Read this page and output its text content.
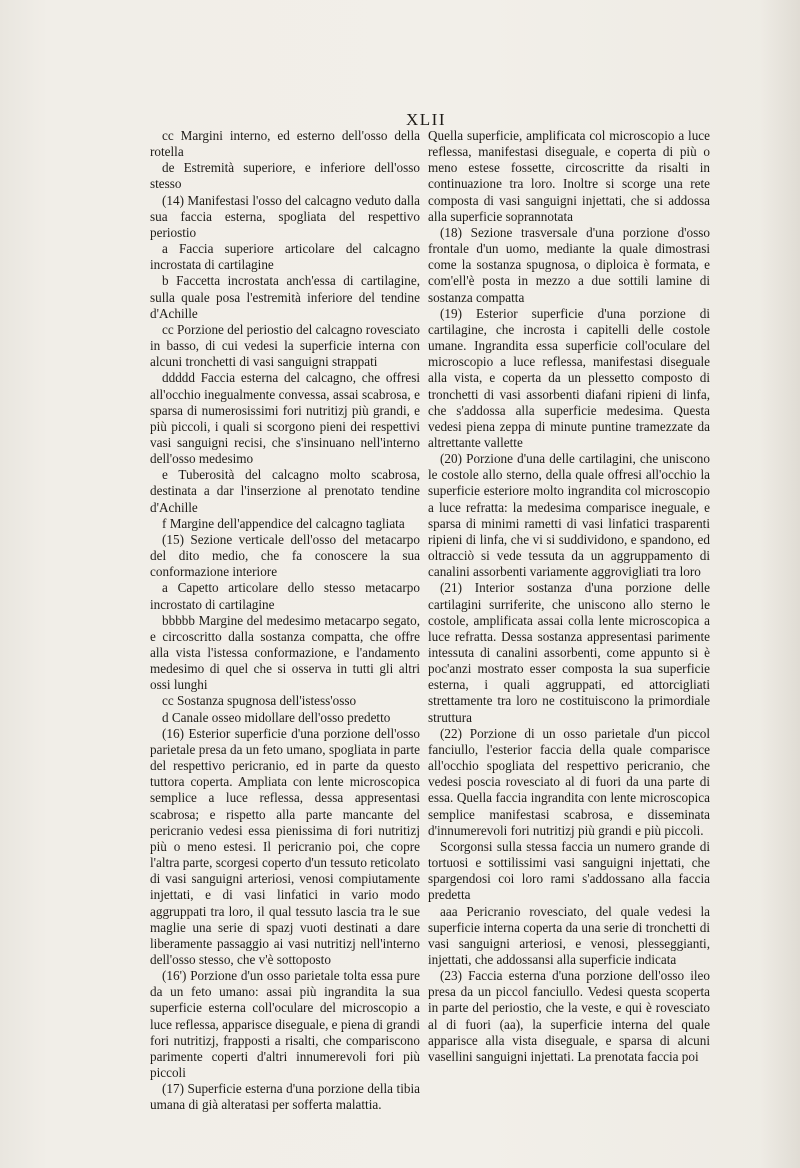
XLII

cc Margini interno, ed esterno dell'osso della rotella

de Estremità superiore, e inferiore dell'osso stesso

(14) Manifestasi l'osso del calcagno veduto dalla sua faccia esterna, spogliata del respettivo periostio

a Faccia superiore articolare del calcagno incrostata di cartilagine

b Faccetta incrostata anch'essa di cartilagine, sulla quale posa l'estremità inferiore del tendine d'Achille

cc Porzione del periostio del calcagno rovesciato in basso, di cui vedesi la superficie interna con alcuni tronchetti di vasi sanguigni strappati

ddddd Faccia esterna del calcagno, che offresi all'occhio inegualmente convessa, assai scabrosa, e sparsa di numerosissimi fori nutritizj più grandi, e più piccoli, i quali si scorgono pieni dei respettivi vasi sanguigni recisi, che s'insinuano nell'interno dell'osso medesimo

e Tuberosità del calcagno molto scabrosa, destinata a dar l'inserzione al prenotato tendine d'Achille

f Margine dell'appendice del calcagno tagliata

(15) Sezione verticale dell'osso del metacarpo del dito medio, che fa conoscere la sua conformazione interiore

a Capetto articolare dello stesso metacarpo incrostato di cartilagine

bbbbb Margine del medesimo metacarpo segato, e circoscritto dalla sostanza compatta, che offre alla vista l'istessa conformazione, e l'andamento medesimo di quel che si osserva in tutti gli altri ossi lunghi

cc Sostanza spugnosa dell'istess'osso

d Canale osseo midollare dell'osso predetto

(16) Esterior superficie d'una porzione dell'osso parietale presa da un feto umano, spogliata in parte del respettivo pericranio, ed in parte da questo tuttora coperta. Ampliata con lente microscopica semplice a luce reflessa, dessa appresentasi scabrosa; e rispetto alla parte mancante del pericranio vedesi essa pienissima di fori nutritizj più o meno estesi. Il pericranio poi, che copre l'altra parte, scorgesi coperto d'un tessuto reticolato di vasi sanguigni arteriosi, venosi compiutamente injettati, e di vasi linfatici in vario modo aggruppati tra loro, il qual tessuto lascia tra le sue maglie una serie di spazj vuoti destinati a dare liberamente passaggio ai vasi nutritizj nell'interno dell'osso stesso, che v'è sottoposto

(16') Porzione d'un osso parietale tolta essa pure da un feto umano: assai più ingrandita la sua superficie esterna coll'oculare del microscopio a luce reflessa, apparisce diseguale, e piena di grandi fori nutritizj, frapposti a risalti, che compariscono parimente coperti d'altri innumerevoli fori più piccoli

(17) Superficie esterna d'una porzione della tibia umana di già alteratasi per sofferta malattia.

Quella superficie, amplificata col microscopio a luce reflessa, manifestasi diseguale, e coperta di più o meno estese fossette, circoscritte da risalti in continuazione tra loro. Inoltre si scorge una rete composta di vasi sanguigni injettati, che si addossa alla superficie soprannotata

(18) Sezione trasversale d'una porzione d'osso frontale d'un uomo, mediante la quale dimostrasi come la sostanza spugnosa, o diploica è formata, e com'ell'è posta in mezzo a due sottili lamine di sostanza compatta

(19) Esterior superficie d'una porzione di cartilagine, che incrosta i capitelli delle costole umane. Ingrandita essa superficie coll'oculare del microscopio a luce reflessa, manifestasi diseguale alla vista, e coperta da un plessetto composto di tronchetti di vasi assorbenti diafani ripieni di linfa, che s'addossa alla superficie medesima. Questa vedesi piena zeppa di minute puntine tramezzate da altrettante vallette

(20) Porzione d'una delle cartilagini, che uniscono le costole allo sterno, della quale offresi all'occhio la superficie esteriore molto ingrandita col microscopio a luce refratta: la medesima comparisce ineguale, e sparsa di minimi rametti di vasi linfatici trasparenti ripieni di linfa, che vi si suddividono, e spandono, ed oltracciò si vede tessuta da un aggruppamento di canalini assorbenti variamente aggrovigliati tra loro

(21) Interior sostanza d'una porzione delle cartilagini surriferite, che uniscono allo sterno le costole, amplificata assai colla lente microscopica a luce refratta. Dessa sostanza appresentasi parimente intessuta di canalini assorbenti, come appunto si è poc'anzi mostrato esser composta la sua superficie esterna, i quali aggruppati, ed attorcigliati strettamente tra loro ne costituiscono la primordiale struttura

(22) Porzione di un osso parietale d'un piccol fanciullo, l'esterior faccia della quale comparisce all'occhio spogliata del respettivo pericranio, che vedesi poscia rovesciato al di fuori da una parte di essa. Quella faccia ingrandita con lente microscopica semplice manifestasi scabrosa, e disseminata d'innumerevoli fori nutritizj più grandi e più piccoli.

Scorgonsi sulla stessa faccia un numero grande di tortuosi e sottilissimi vasi sanguigni injettati, che spargendosi coi loro rami s'addossano alla faccia predetta

aaa Pericranio rovesciato, del quale vedesi la superficie interna coperta da una serie di tronchetti di vasi sanguigni arteriosi, e venosi, plesseggianti, injettati, che addossansi alla superficie indicata

(23) Faccia esterna d'una porzione dell'osso ileo presa da un piccol fanciullo. Vedesi questa scoperta in parte del periostio, che la veste, e qui è rovesciato al di fuori (aa), la superficie interna del quale apparisce alla vista diseguale, e sparsa di alcuni vasellini sanguigni injettati. La prenotata faccia poi
